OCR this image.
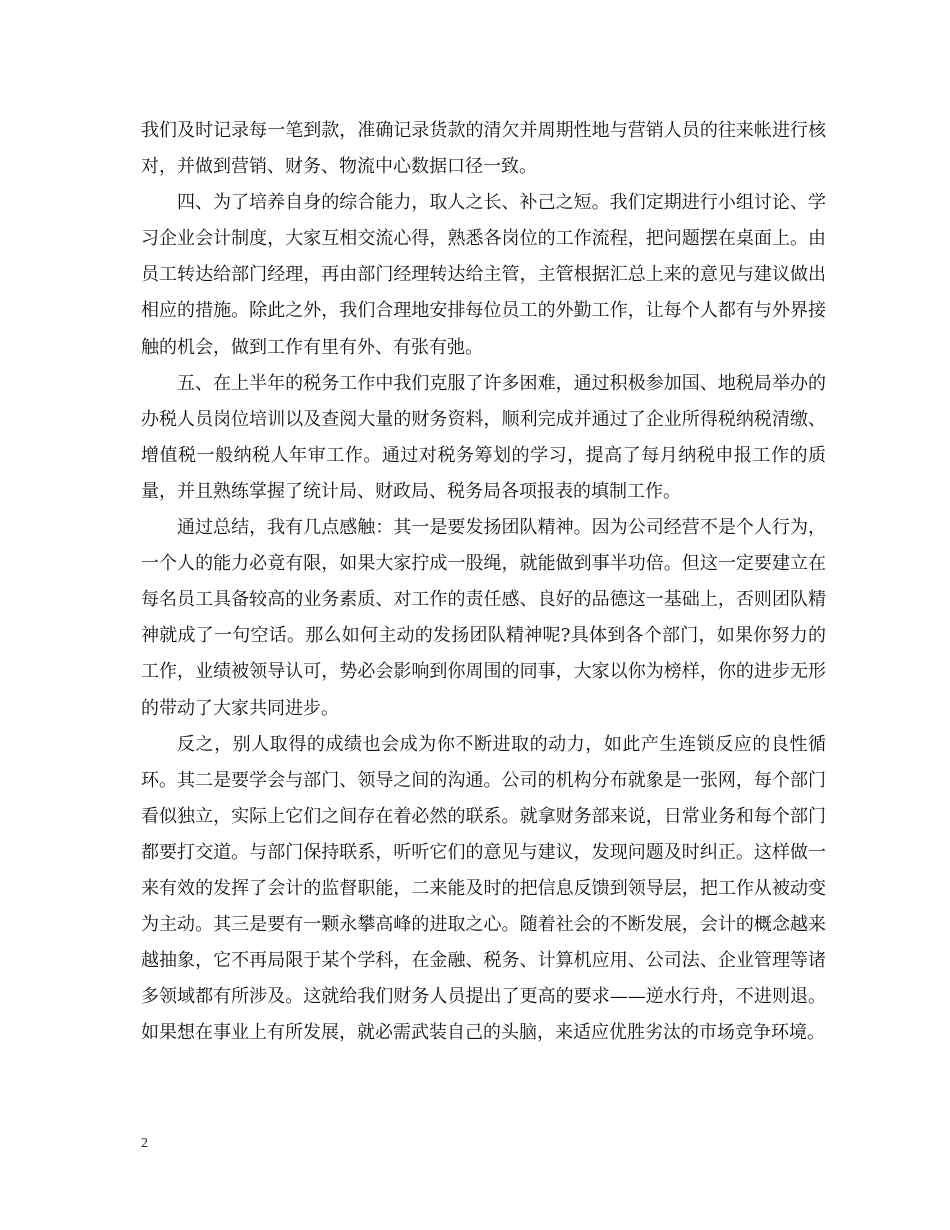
我们及时记录每一笔到款，准确记录货款的清欠并周期性地与营销人员的往来帐进行核对，并做到营销、财务、物流中心数据口径一致。

四、为了培养自身的综合能力，取人之长、补己之短。我们定期进行小组讨论、学习企业会计制度，大家互相交流心得，熟悉各岗位的工作流程，把问题摆在桌面上。由员工转达给部门经理，再由部门经理转达给主管，主管根据汇总上来的意见与建议做出相应的措施。除此之外，我们合理地安排每位员工的外勤工作，让每个人都有与外界接触的机会，做到工作有里有外、有张有弛。

五、在上半年的税务工作中我们克服了许多困难，通过积极参加国、地税局举办的办税人员岗位培训以及查阅大量的财务资料，顺利完成并通过了企业所得税纳税清缴、增值税一般纳税人年审工作。通过对税务筹划的学习，提高了每月纳税申报工作的质量，并且熟练掌握了统计局、财政局、税务局各项报表的填制工作。

通过总结，我有几点感触：其一是要发扬团队精神。因为公司经营不是个人行为，一个人的能力必竟有限，如果大家拧成一股绳，就能做到事半功倍。但这一定要建立在每名员工具备较高的业务素质、对工作的责任感、良好的品德这一基础上，否则团队精神就成了一句空话。那么如何主动的发扬团队精神呢?具体到各个部门，如果你努力的工作，业绩被领导认可，势必会影响到你周围的同事，大家以你为榜样，你的进步无形的带动了大家共同进步。

反之，别人取得的成绩也会成为你不断进取的动力，如此产生连锁反应的良性循环。其二是要学会与部门、领导之间的沟通。公司的机构分布就象是一张网，每个部门看似独立，实际上它们之间存在着必然的联系。就拿财务部来说，日常业务和每个部门都要打交道。与部门保持联系，听听它们的意见与建议，发现问题及时纠正。这样做一来有效的发挥了会计的监督职能，二来能及时的把信息反馈到领导层，把工作从被动变为主动。其三是要有一颗永攀高峰的进取之心。随着社会的不断发展，会计的概念越来越抽象，它不再局限于某个学科，在金融、税务、计算机应用、公司法、企业管理等诸多领域都有所涉及。这就给我们财务人员提出了更高的要求——逆水行舟，不进则退。如果想在事业上有所发展，就必需武装自己的头脑，来适应优胜劣汰的市场竞争环境。

2
